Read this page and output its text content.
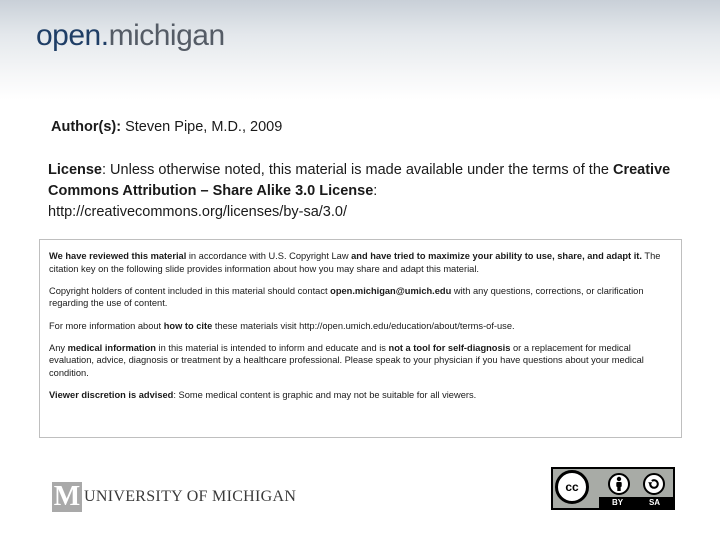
open.michigan
Author(s): Steven Pipe, M.D., 2009
License: Unless otherwise noted, this material is made available under the terms of the Creative Commons Attribution – Share Alike 3.0 License:
http://creativecommons.org/licenses/by-sa/3.0/

We have reviewed this material in accordance with U.S. Copyright Law and have tried to maximize your ability to use, share, and adapt it. The citation key on the following slide provides information about how you may share and adapt this material.

Copyright holders of content included in this material should contact open.michigan@umich.edu with any questions, corrections, or clarification regarding the use of content.

For more information about how to cite these materials visit http://open.umich.edu/education/about/terms-of-use.

Any medical information in this material is intended to inform and educate and is not a tool for self-diagnosis or a replacement for medical evaluation, advice, diagnosis or treatment by a healthcare professional. Please speak to your physician if you have questions about your medical condition.

Viewer discretion is advised: Some medical content is graphic and may not be suitable for all viewers.

M UNIVERSITY OF MICHIGAN
cc
BY	SA
